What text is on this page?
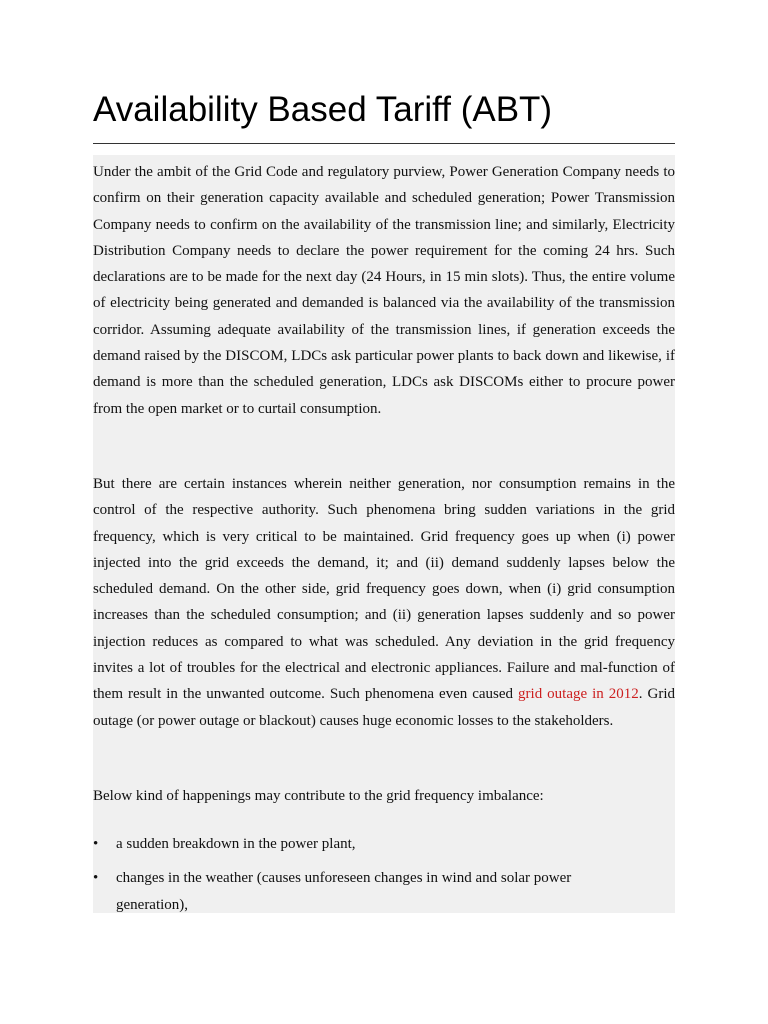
Availability Based Tariff (ABT)

Under the ambit of the Grid Code and regulatory purview, Power Generation Company needs to confirm on their generation capacity available and scheduled generation; Power Transmission Company needs to confirm on the availability of the transmission line; and similarly, Electricity Distribution Company needs to declare the power requirement for the coming 24 hrs. Such declarations are to be made for the next day (24 Hours, in 15 min slots). Thus, the entire volume of electricity being generated and demanded is balanced via the availability of the transmission corridor. Assuming adequate availability of the transmission lines, if generation exceeds the demand raised by the DISCOM, LDCs ask particular power plants to back down and likewise, if demand is more than the scheduled generation, LDCs ask DISCOMs either to procure power from the open market or to curtail consumption.

But there are certain instances wherein neither generation, nor consumption remains in the control of the respective authority. Such phenomena bring sudden variations in the grid frequency, which is very critical to be maintained. Grid frequency goes up when (i) power injected into the grid exceeds the demand, it; and (ii) demand suddenly lapses below the scheduled demand. On the other side, grid frequency goes down, when (i) grid consumption increases than the scheduled consumption; and (ii) generation lapses suddenly and so power injection reduces as compared to what was scheduled. Any deviation in the grid frequency invites a lot of troubles for the electrical and electronic appliances. Failure and mal-function of them result in the unwanted outcome. Such phenomena even caused grid outage in 2012. Grid outage (or power outage or blackout) causes huge economic losses to the stakeholders.

Below kind of happenings may contribute to the grid frequency imbalance:

• a sudden breakdown in the power plant,
• changes in the weather (causes unforeseen changes in wind and solar power generation),
